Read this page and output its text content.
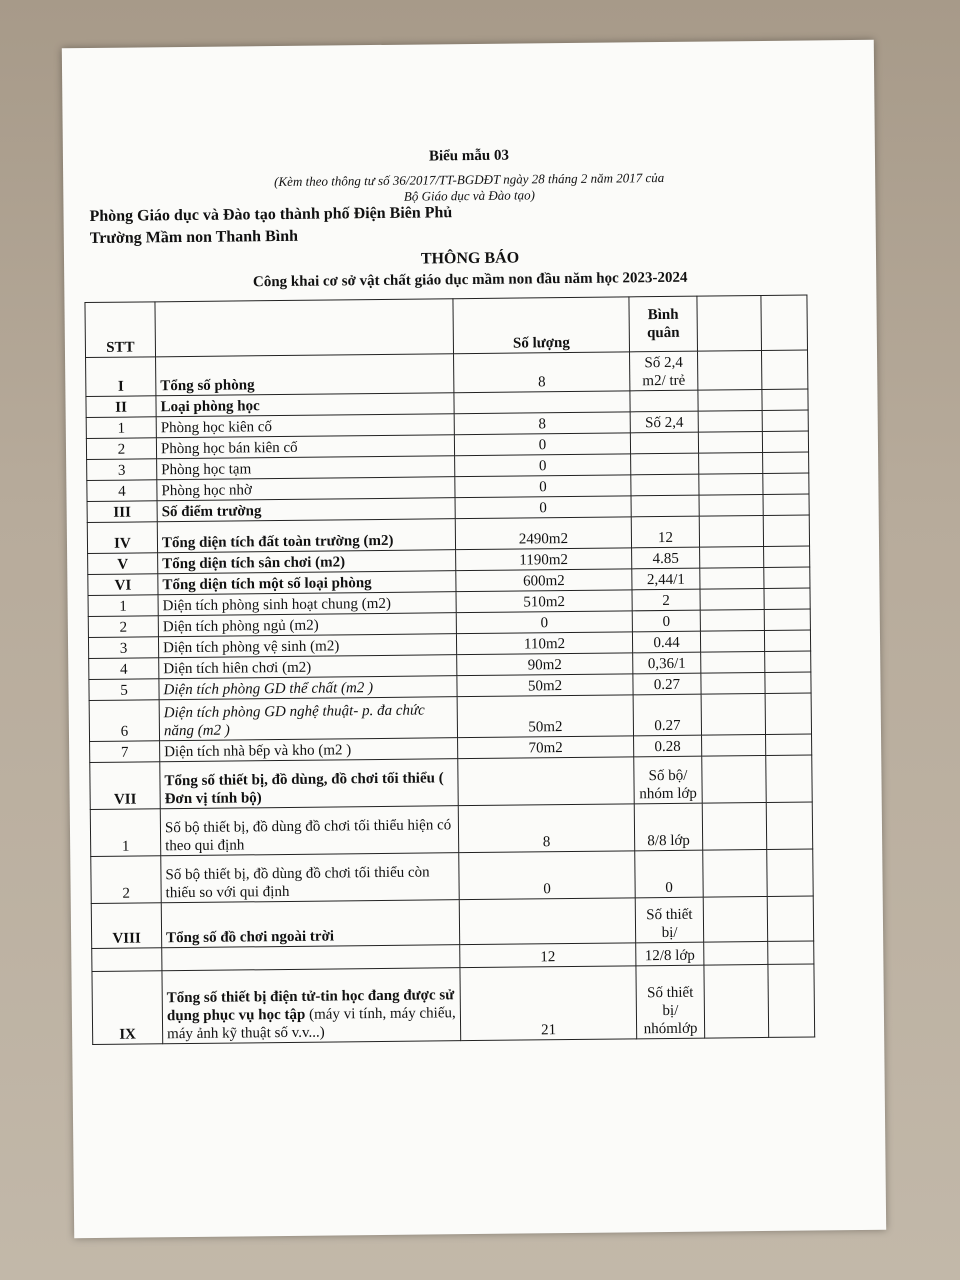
Biểu mẫu 03
(Kèm theo thông tư số 36/2017/TT-BGDĐT ngày 28 tháng 2 năm 2017 của
Bộ Giáo dục và Đào tạo)
Phòng Giáo dục và Đào tạo thành phố Điện Biên Phủ
Trường Mầm non Thanh Bình
THÔNG BÁO
Công khai cơ sở vật chất giáo dục mầm non đầu năm học 2023-2024
STT		Số lượng	Bình
quân		

I	Tổng số phòng	8	Số 2,4 m2/ trẻ		
II	Loại phòng học				
1	Phòng học kiên cố	8	Số 2,4		
2	Phòng học bán kiên cố	0			
3	Phòng học tạm	0			
4	Phòng học nhờ	0			
III	Số điểm trường	0			
IV	Tổng diện tích đất toàn trường (m2)	2490m2	12		
V	Tổng diện tích sân chơi (m2)	1190m2	4.85		
VI	Tổng diện tích một số loại phòng	600m2	2,44/1		
1	Diện tích phòng sinh hoạt chung (m2)	510m2	2		
2	Diện tích phòng ngủ (m2)	0	0		
3	Diện tích phòng vệ sinh (m2)	110m2	0.44		
4	Diện tích hiên chơi (m2)	90m2	0,36/1		
5	Diện tích phòng GD thể chất (m2 )	50m2	0.27		
6	Diện tích phòng GD nghệ thuật- p. đa chức năng (m2 )	50m2	0.27		
7	Diện tích nhà bếp và kho (m2 )	70m2	0.28		
VII	Tổng số thiết bị, đồ dùng, đồ chơi tối thiểu ( Đơn vị tính bộ)		Số bộ/ nhóm lớp		
1	Số bộ thiết bị, đồ dùng đồ chơi tối thiểu hiện có theo qui định	8	8/8 lớp		
2	Số bộ thiết bị, đồ dùng đồ chơi tối thiểu còn thiếu so với qui định	0	0		
VIII	Tổng số đồ chơi ngoài trời		Số thiết bị/		
		12	12/8 lớp		
IX	Tổng số thiết bị điện tử-tin học đang được sử dụng phục vụ học tập (máy vi tính, máy chiếu, máy ảnh kỹ thuật số v.v...)	21	Số thiết bị/ nhómlớp		
